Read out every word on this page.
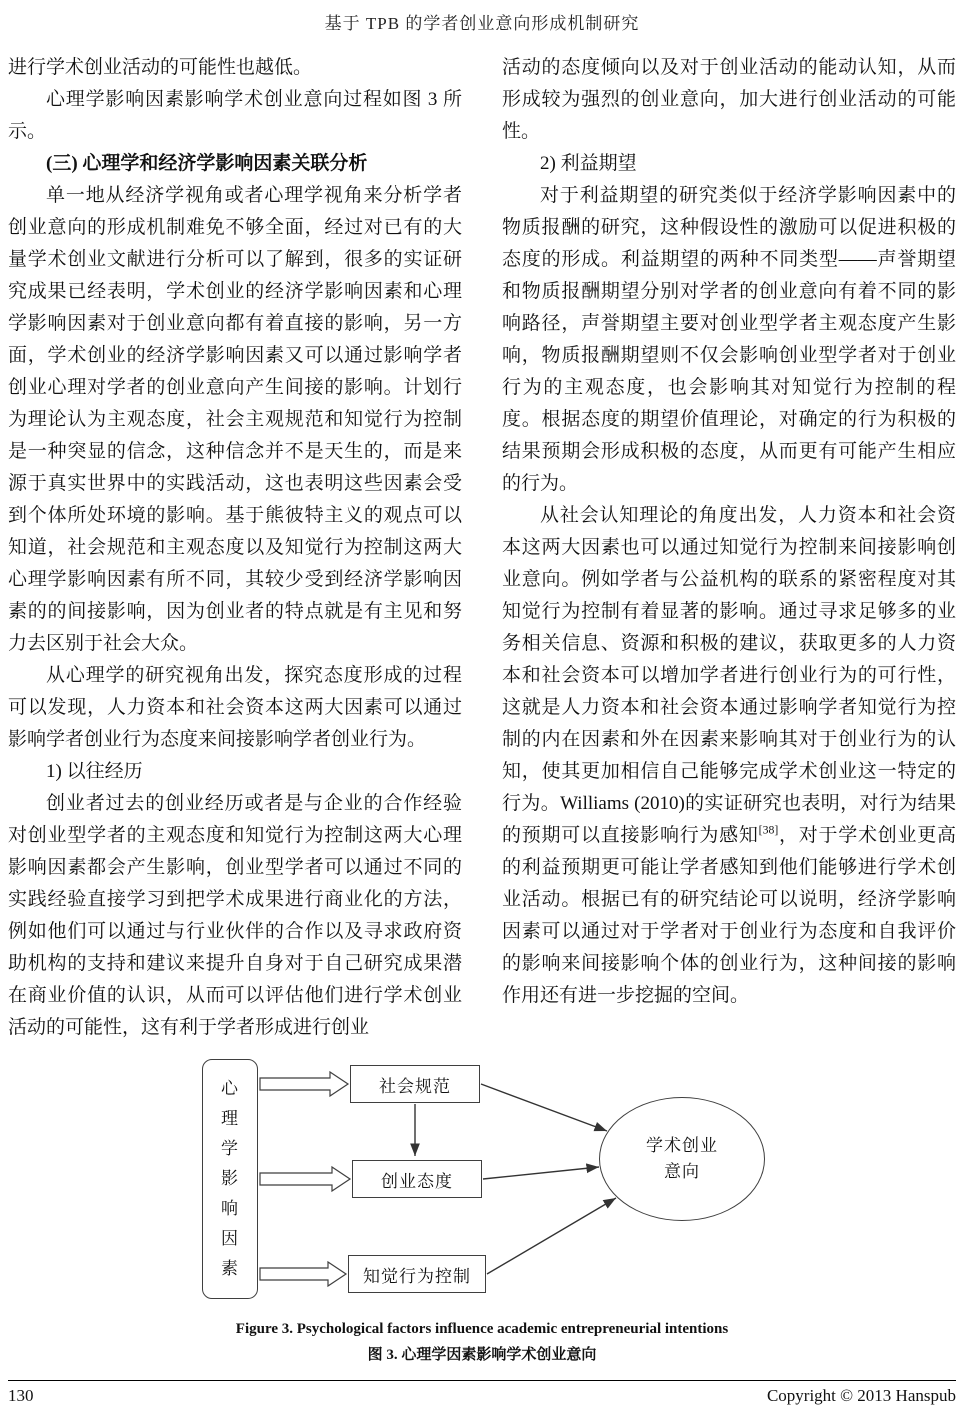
基于 TPB 的学者创业意向形成机制研究

进行学术创业活动的可能性也越低。

心理学影响因素影响学术创业意向过程如图 3 所示。

(三) 心理学和经济学影响因素关联分析

单一地从经济学视角或者心理学视角来分析学者创业意向的形成机制难免不够全面，经过对已有的大量学术创业文献进行分析可以了解到，很多的实证研究成果已经表明，学术创业的经济学影响因素和心理学影响因素对于创业意向都有着直接的影响，另一方面，学术创业的经济学影响因素又可以通过影响学者创业心理对学者的创业意向产生间接的影响。计划行为理论认为主观态度，社会主观规范和知觉行为控制是一种突显的信念，这种信念并不是天生的，而是来源于真实世界中的实践活动，这也表明这些因素会受到个体所处环境的影响。基于熊彼特主义的观点可以知道，社会规范和主观态度以及知觉行为控制这两大心理学影响因素有所不同，其较少受到经济学影响因素的的间接影响，因为创业者的特点就是有主见和努力去区别于社会大众。

从心理学的研究视角出发，探究态度形成的过程可以发现，人力资本和社会资本这两大因素可以通过影响学者创业行为态度来间接影响学者创业行为。

1) 以往经历

创业者过去的创业经历或者是与企业的合作经验对创业型学者的主观态度和知觉行为控制这两大心理影响因素都会产生影响，创业型学者可以通过不同的实践经验直接学习到把学术成果进行商业化的方法，例如他们可以通过与行业伙伴的合作以及寻求政府资助机构的支持和建议来提升自身对于自己研究成果潜在商业价值的认识，从而可以评估他们进行学术创业活动的可能性，这有利于学者形成进行创业

活动的态度倾向以及对于创业活动的能动认知，从而形成较为强烈的创业意向，加大进行创业活动的可能性。

2) 利益期望

对于利益期望的研究类似于经济学影响因素中的物质报酬的研究，这种假设性的激励可以促进积极的态度的形成。利益期望的两种不同类型——声誉期望和物质报酬期望分别对学者的创业意向有着不同的影响路径，声誉期望主要对创业型学者主观态度产生影响，物质报酬期望则不仅会影响创业型学者对于创业行为的主观态度，也会影响其对知觉行为控制的程度。根据态度的期望价值理论，对确定的行为积极的结果预期会形成积极的态度，从而更有可能产生相应的行为。

从社会认知理论的角度出发，人力资本和社会资本这两大因素也可以通过知觉行为控制来间接影响创业意向。例如学者与公益机构的联系的紧密程度对其知觉行为控制有着显著的影响。通过寻求足够多的业务相关信息、资源和积极的建议，获取更多的人力资本和社会资本可以增加学者进行创业行为的可行性，这就是人力资本和社会资本通过影响学者知觉行为控制的内在因素和外在因素来影响其对于创业行为的认知，使其更加相信自己能够完成学术创业这一特定的行为。Williams (2010)的实证研究也表明，对行为结果的预期可以直接影响行为感知[38]，对于学术创业更高的利益预期更可能让学者感知到他们能够进行学术创业活动。根据已有的研究结论可以说明，经济学影响因素可以通过对于学者对于创业行为态度和自我评价的影响来间接影响个体的创业行为，这种间接的影响作用还有进一步挖掘的空间。

心理学影响因素
社会规范
创业态度
知觉行为控制
学术创业
意向
Figure 3. Psychological factors influence academic entrepreneurial intentions
图 3. 心理学因素影响学术创业意向
130	Copyright © 2013 Hanspub
